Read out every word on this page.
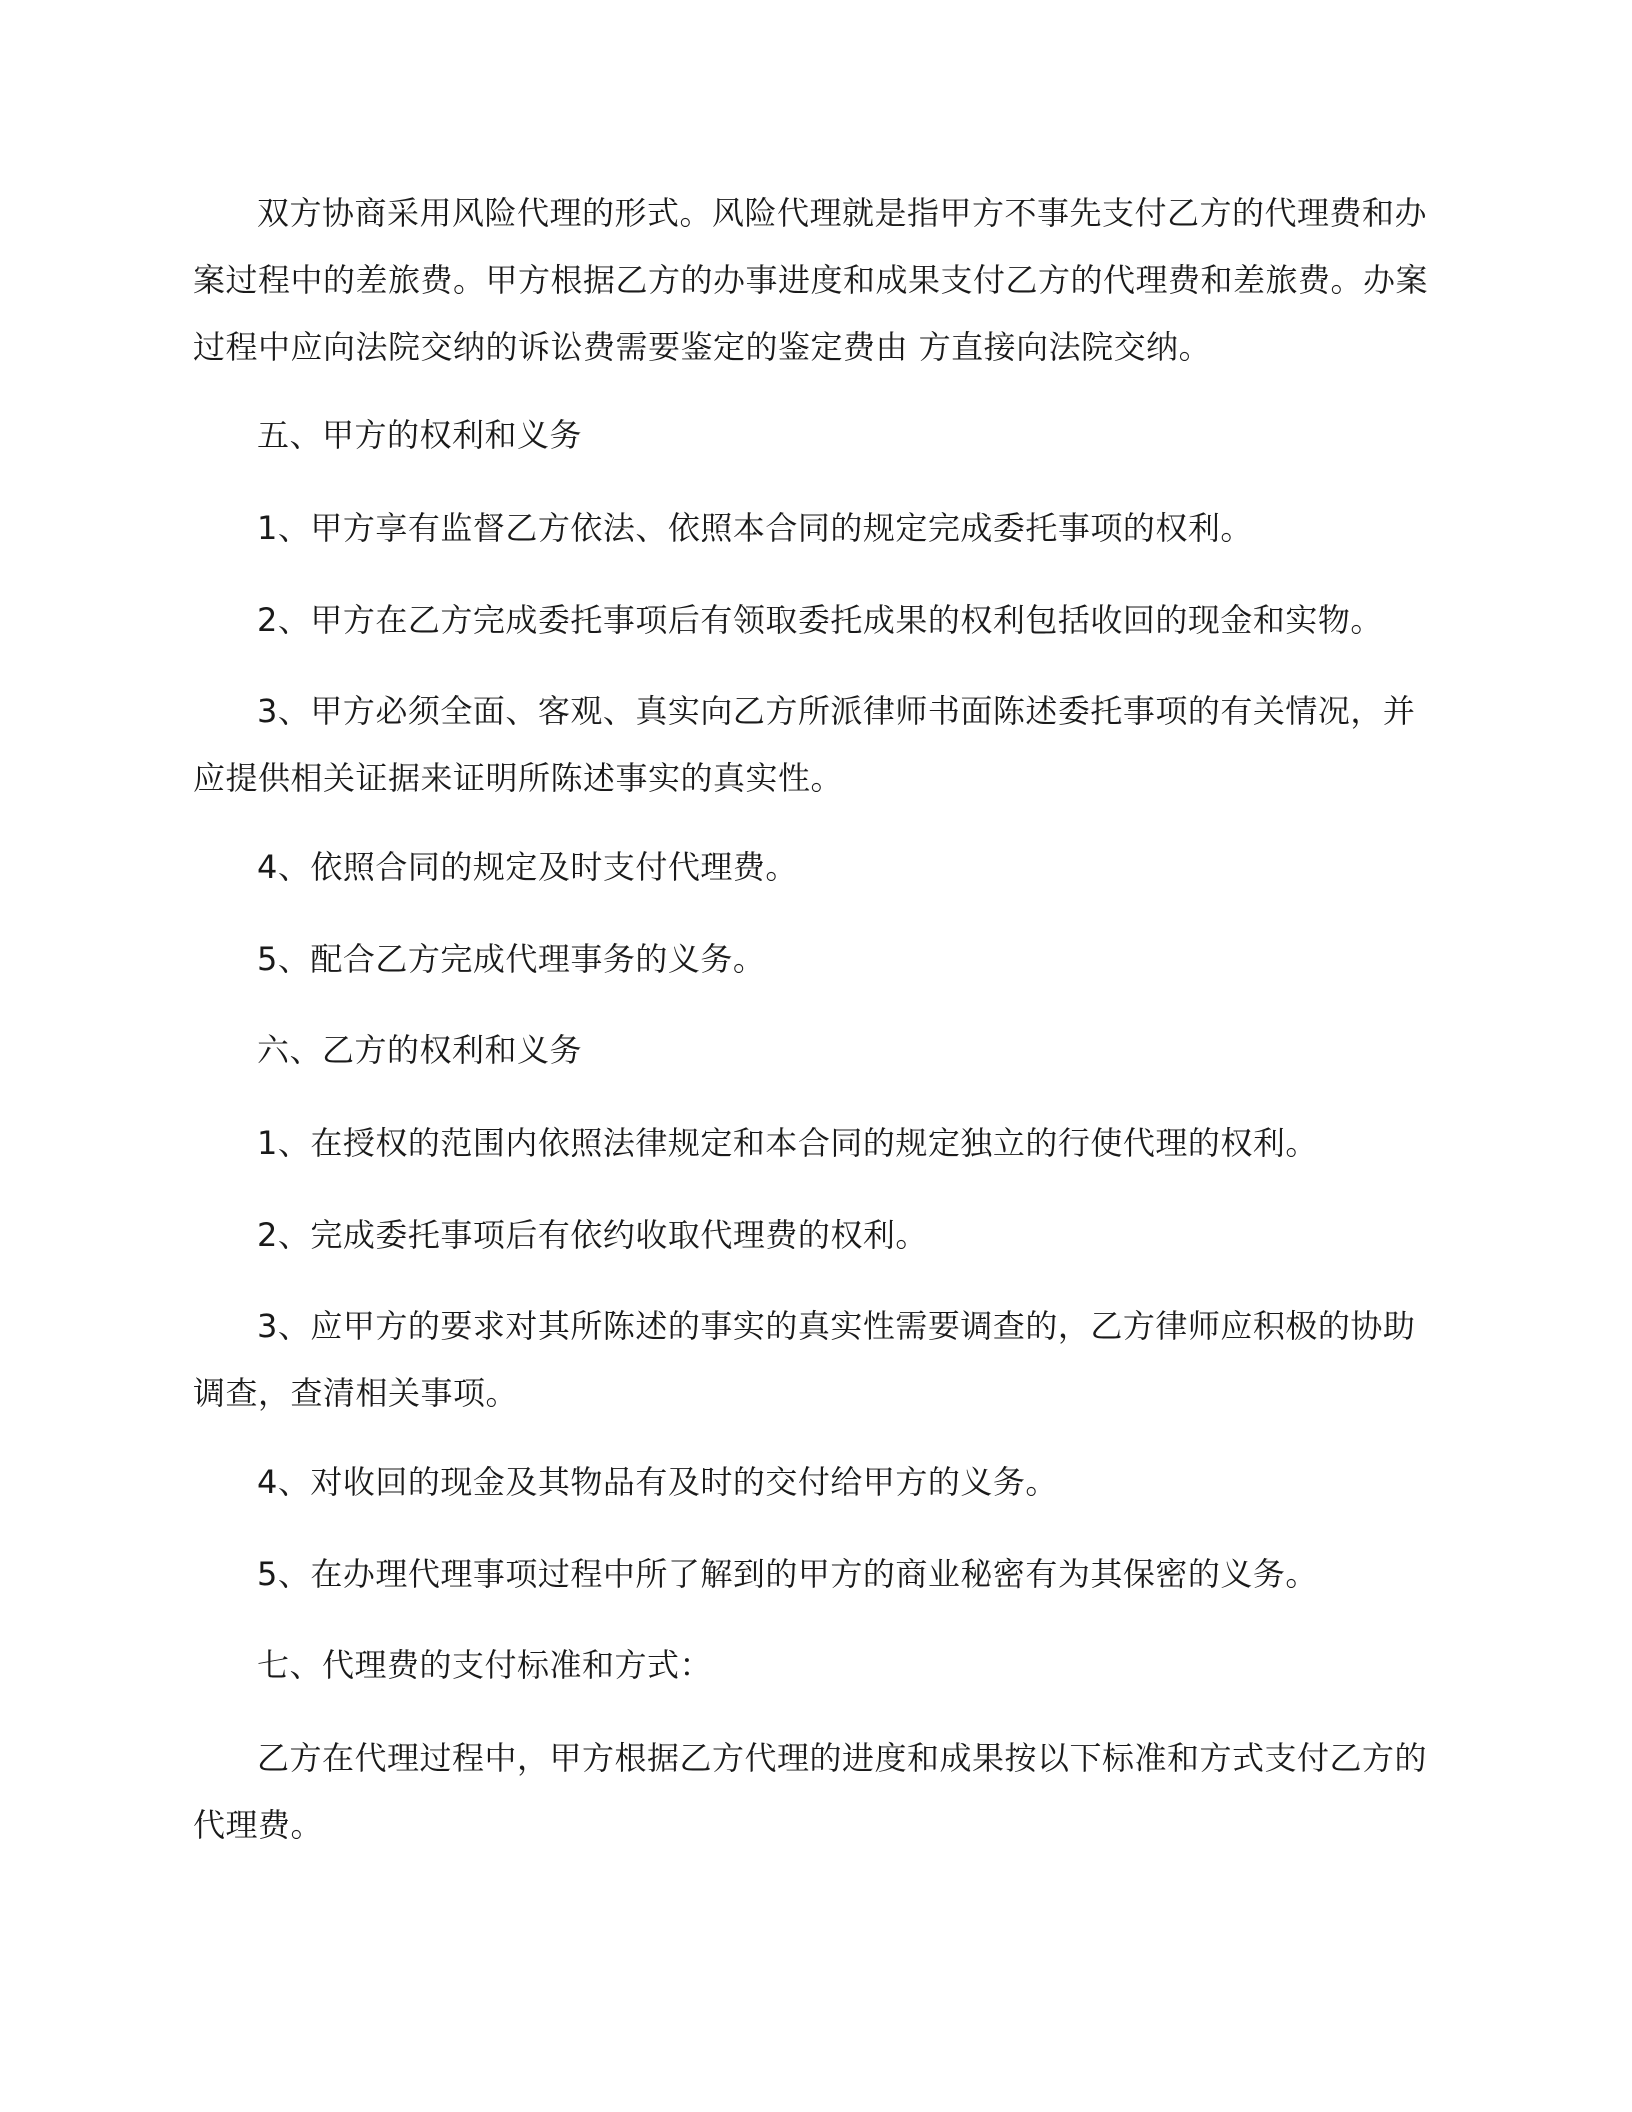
双方协商采用风险代理的形式。风险代理就是指甲方不事先支付乙方的代理费和办案过程中的差旅费。甲方根据乙方的办事进度和成果支付乙方的代理费和差旅费。办案过程中应向法院交纳的诉讼费需要鉴定的鉴定费由 方直接向法院交纳。

五、甲方的权利和义务

1、甲方享有监督乙方依法、依照本合同的规定完成委托事项的权利。

2、甲方在乙方完成委托事项后有领取委托成果的权利包括收回的现金和实物。

3、甲方必须全面、客观、真实向乙方所派律师书面陈述委托事项的有关情况，并应提供相关证据来证明所陈述事实的真实性。

4、依照合同的规定及时支付代理费。

5、配合乙方完成代理事务的义务。

六、乙方的权利和义务

1、在授权的范围内依照法律规定和本合同的规定独立的行使代理的权利。

2、完成委托事项后有依约收取代理费的权利。

3、应甲方的要求对其所陈述的事实的真实性需要调查的，乙方律师应积极的协助调查，查清相关事项。

4、对收回的现金及其物品有及时的交付给甲方的义务。

5、在办理代理事项过程中所了解到的甲方的商业秘密有为其保密的义务。

七、代理费的支付标准和方式：

乙方在代理过程中，甲方根据乙方代理的进度和成果按以下标准和方式支付乙方的代理费。
